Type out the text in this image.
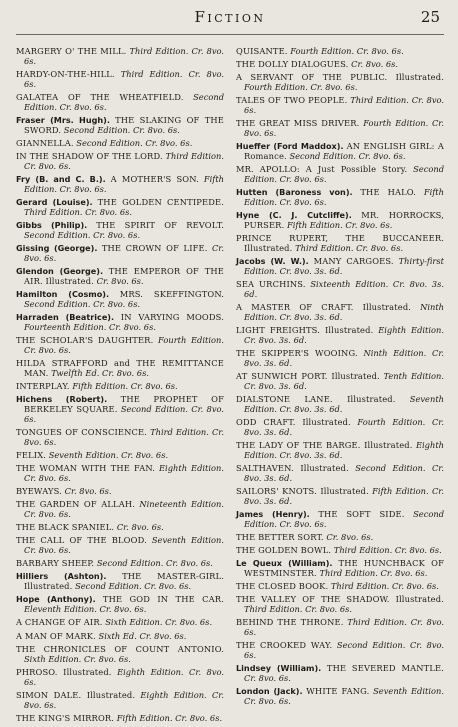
Fiction	25
MARGERY O' THE MILL. Third Edition. Cr. 8vo. 6s.
HARDY-ON-THE-HILL. Third Edition. Cr. 8vo. 6s.
GALATEA OF THE WHEATFIELD. Second Edition. Cr. 8vo. 6s.
Fraser (Mrs. Hugh). THE SLAKING OF THE SWORD. Second Edition. Cr. 8vo. 6s.
GIANNELLA. Second Edition. Cr. 8vo. 6s.
IN THE SHADOW OF THE LORD. Third Edition. Cr. 8vo. 6s.
Fry (B. and C. B.). A MOTHER'S SON. Fifth Edition. Cr. 8vo. 6s.
Gerard (Louise). THE GOLDEN CENTIPEDE. Third Edition. Cr. 8vo. 6s.
Gibbs (Philip). THE SPIRIT OF REVOLT. Second Edition. Cr. 8vo. 6s.
Gissing (George). THE CROWN OF LIFE. Cr. 8vo. 6s.
Glendon (George). THE EMPEROR OF THE AIR. Illustrated. Cr. 8vo. 6s.
Hamilton (Cosmo). MRS. SKEFFINGTON. Second Edition. Cr. 8vo. 6s.
Harraden (Beatrice). IN VARYING MOODS. Fourteenth Edition. Cr. 8vo. 6s.
THE SCHOLAR'S DAUGHTER. Fourth Edition. Cr. 8vo. 6s.
HILDA STRAFFORD and THE REMITTANCE MAN. Twelfth Ed. Cr. 8vo. 6s.
INTERPLAY. Fifth Edition. Cr. 8vo. 6s.
Hichens (Robert). THE PROPHET OF BERKELEY SQUARE. Second Edition. Cr. 8vo. 6s.
TONGUES OF CONSCIENCE. Third Edition. Cr. 8vo. 6s.
FELIX. Seventh Edition. Cr. 8vo. 6s.
THE WOMAN WITH THE FAN. Eighth Edition. Cr. 8vo. 6s.
BYEWAYS. Cr. 8vo. 6s.
THE GARDEN OF ALLAH. Nineteenth Edition. Cr. 8vo. 6s.
THE BLACK SPANIEL. Cr. 8vo. 6s.
THE CALL OF THE BLOOD. Seventh Edition. Cr. 8vo. 6s.
BARBARY SHEEP. Second Edition. Cr. 8vo. 6s.
Hilliers (Ashton). THE MASTER-GIRL. Illustrated. Second Edition. Cr. 8vo. 6s.
Hope (Anthony). THE GOD IN THE CAR. Eleventh Edition. Cr. 8vo. 6s.
A CHANGE OF AIR. Sixth Edition. Cr. 8vo. 6s.
A MAN OF MARK. Sixth Ed. Cr. 8vo. 6s.
THE CHRONICLES OF COUNT ANTONIO. Sixth Edition. Cr. 8vo. 6s.
PHROSO. Illustrated. Eighth Edition. Cr. 8vo. 6s.
SIMON DALE. Illustrated. Eighth Edition. Cr. 8vo. 6s.
THE KING'S MIRROR. Fifth Edition. Cr. 8vo. 6s.
QUISANTE. Fourth Edition. Cr. 8vo. 6s.
THE DOLLY DIALOGUES. Cr. 8vo. 6s.
A SERVANT OF THE PUBLIC. Illustrated. Fourth Edition. Cr. 8vo. 6s.
TALES OF TWO PEOPLE. Third Edition. Cr. 8vo. 6s.
THE GREAT MISS DRIVER. Fourth Edition. Cr. 8vo. 6s.
Hueffer (Ford Maddox). AN ENGLISH GIRL: A Romance. Second Edition. Cr. 8vo. 6s.
MR. APOLLO: A Just Possible Story. Second Edition. Cr. 8vo. 6s.
Hutten (Baroness von). THE HALO. Fifth Edition. Cr. 8vo. 6s.
Hyne (C. J. Cutcliffe). MR. HORROCKS, PURSER. Fifth Edition. Cr. 8vo. 6s.
PRINCE RUPERT, THE BUCCANEER. Illustrated. Third Edition. Cr. 8vo. 6s.
Jacobs (W. W.). MANY CARGOES. Thirty-first Edition. Cr. 8vo. 3s. 6d.
SEA URCHINS. Sixteenth Edition. Cr. 8vo. 3s. 6d.
A MASTER OF CRAFT. Illustrated. Ninth Edition. Cr. 8vo. 3s. 6d.
LIGHT FREIGHTS. Illustrated. Eighth Edition. Cr. 8vo. 3s. 6d.
THE SKIPPER'S WOOING. Ninth Edition. Cr. 8vo. 3s. 6d.
AT SUNWICH PORT. Illustrated. Tenth Edition. Cr. 8vo. 3s. 6d.
DIALSTONE LANE. Illustrated. Seventh Edition. Cr. 8vo. 3s. 6d.
ODD CRAFT. Illustrated. Fourth Edition. Cr. 8vo. 3s. 6d.
THE LADY OF THE BARGE. Illustrated. Eighth Edition. Cr. 8vo. 3s. 6d.
SALTHAVEN. Illustrated. Second Edition. Cr. 8vo. 3s. 6d.
SAILORS' KNOTS. Illustrated. Fifth Edition. Cr. 8vo. 3s. 6d.
James (Henry). THE SOFT SIDE. Second Edition. Cr. 8vo. 6s.
THE BETTER SORT. Cr. 8vo. 6s.
THE GOLDEN BOWL. Third Edition. Cr. 8vo. 6s.
Le Queux (William). THE HUNCHBACK OF WESTMINSTER. Third Edition. Cr. 8vo. 6s.
THE CLOSED BOOK. Third Edition. Cr. 8vo. 6s.
THE VALLEY OF THE SHADOW. Illustrated. Third Edition. Cr. 8vo. 6s.
BEHIND THE THRONE. Third Edition. Cr. 8vo. 6s.
THE CROOKED WAY. Second Edition. Cr. 8vo. 6s.
Lindsey (William). THE SEVERED MANTLE. Cr. 8vo. 6s.
London (Jack). WHITE FANG. Seventh Edition. Cr. 8vo. 6s.
